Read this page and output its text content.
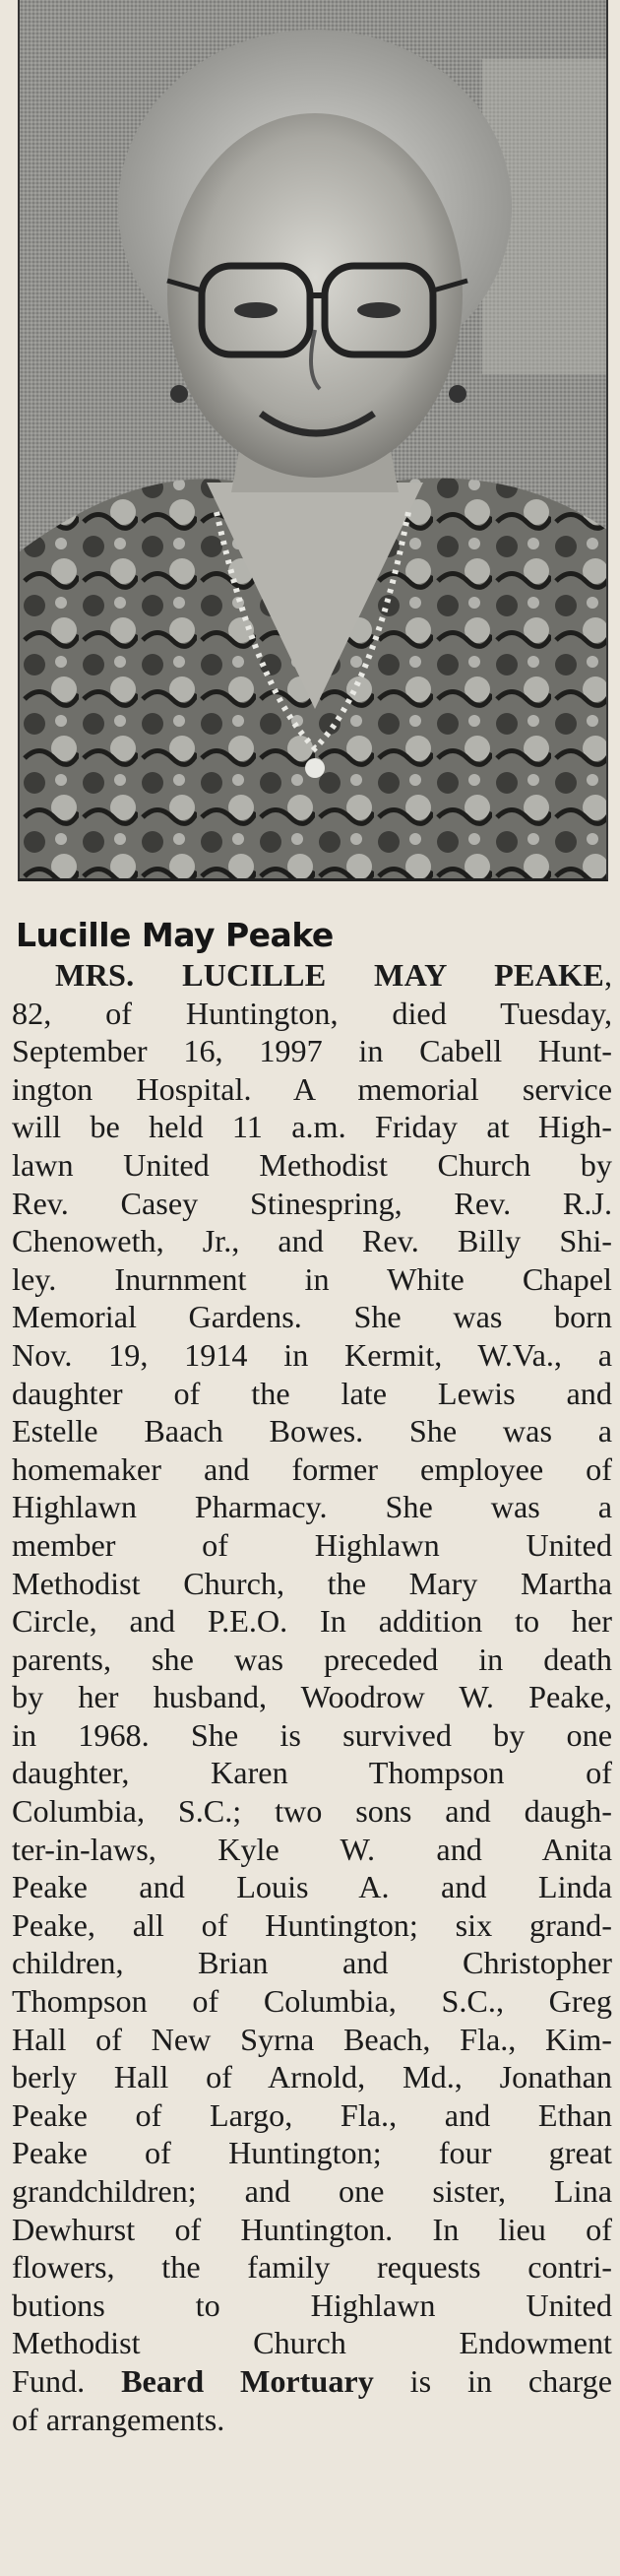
Lucille May Peake
MRS. LUCILLE MAY PEAKE,
82, of Huntington, died Tuesday,
September 16, 1997 in Cabell Hunt-
ington Hospital. A memorial service
will be held 11 a.m. Friday at High-
lawn United Methodist Church by
Rev. Casey Stinespring, Rev. R.J.
Chenoweth, Jr., and Rev. Billy Shi-
ley. Inurnment in White Chapel
Memorial Gardens. She was born
Nov. 19, 1914 in Kermit, W.Va., a
daughter of the late Lewis and
Estelle Baach Bowes. She was a
homemaker and former employee of
Highlawn Pharmacy. She was a
member of Highlawn United
Methodist Church, the Mary Martha
Circle, and P.E.O. In addition to her
parents, she was preceded in death
by her husband, Woodrow W. Peake,
in 1968. She is survived by one
daughter, Karen Thompson of
Columbia, S.C.; two sons and daugh-
ter-in-laws, Kyle W. and Anita
Peake and Louis A. and Linda
Peake, all of Huntington; six grand-
children, Brian and Christopher
Thompson of Columbia, S.C., Greg
Hall of New Syrna Beach, Fla., Kim-
berly Hall of Arnold, Md., Jonathan
Peake of Largo, Fla., and Ethan
Peake of Huntington; four great
grandchildren; and one sister, Lina
Dewhurst of Huntington. In lieu of
flowers, the family requests contri-
butions to Highlawn United
Methodist Church Endowment
Fund. Beard Mortuary is in charge
of arrangements.
